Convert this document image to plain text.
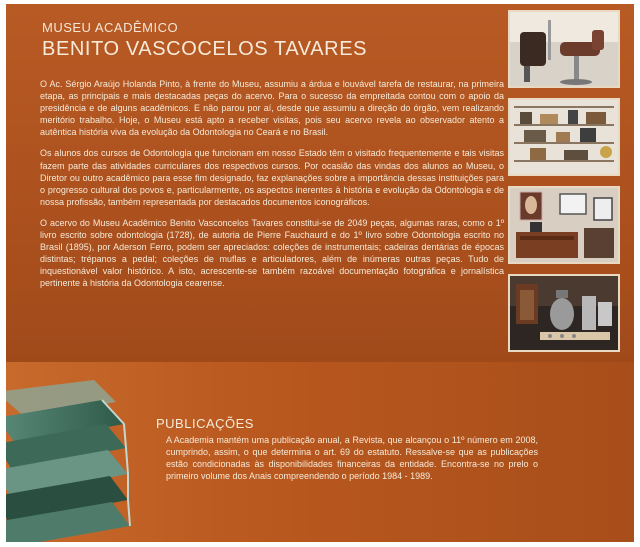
MUSEU ACADÊMICO
BENITO VASCOCELOS TAVARES

O Ac. Sérgio Araújo Holanda Pinto, à frente do Museu, assumiu a árdua e louvável tarefa de restaurar, na primeira etapa, as principais e mais destacadas peças do acervo. Para o sucesso da empreitada contou com o apoio da presidência e de alguns acadêmicos. E não parou por aí, desde que assumiu a direção do órgão, vem realizando meritório trabalho. Hoje, o Museu está apto a receber visitas, pois seu acervo revela ao observador atento a autêntica história viva da evolução da Odontologia no Ceará e no Brasil.

Os alunos dos cursos de Odontologia que funcionam em nosso Estado têm o visitado frequentemente e tais visitas fazem parte das atividades curriculares dos respectivos cursos. Por ocasião das vindas dos alunos ao Museu, o Diretor ou outro acadêmico para esse fim designado, faz explanações sobre a importância dessas instituições para o progresso cultural dos povos e, particularmente, os aspectos inerentes à história e evolução da Odontologia e de nossa profissão, também representada por destacados documentos iconográficos.

O acervo do Museu Acadêmico Benito Vasconcelos Tavares constitui-se de 2049 peças, algumas raras, como o 1º livro escrito sobre odontologia (1728), de autoria de Pierre Fauchaurd e do 1º livro sobre Odontologia escrito no Brasil (1895), por Aderson Ferro, podem ser apreciados: coleções de instrumentais; cadeiras dentárias de épocas distintas; trépanos a pedal; coleções de muflas e articuladores, além de inúmeras outras peças. Tudo de inquestionável valor histórico. A isto, acrescente-se também razoável documentação fotográfica e jornalística pertinente à história da Odontologia cearense.

PUBLICAÇÕES
A Academia mantém uma publicação anual, a Revista, que alcançou o 11º número em 2008, cumprindo, assim, o que determina o art. 69 do estatuto. Ressalve-se que as publicações estão condicionadas às disponibilidades financeiras da entidade. Encontra-se no prelo o primeiro volume dos Anais compreendendo o período 1984 - 1989.
